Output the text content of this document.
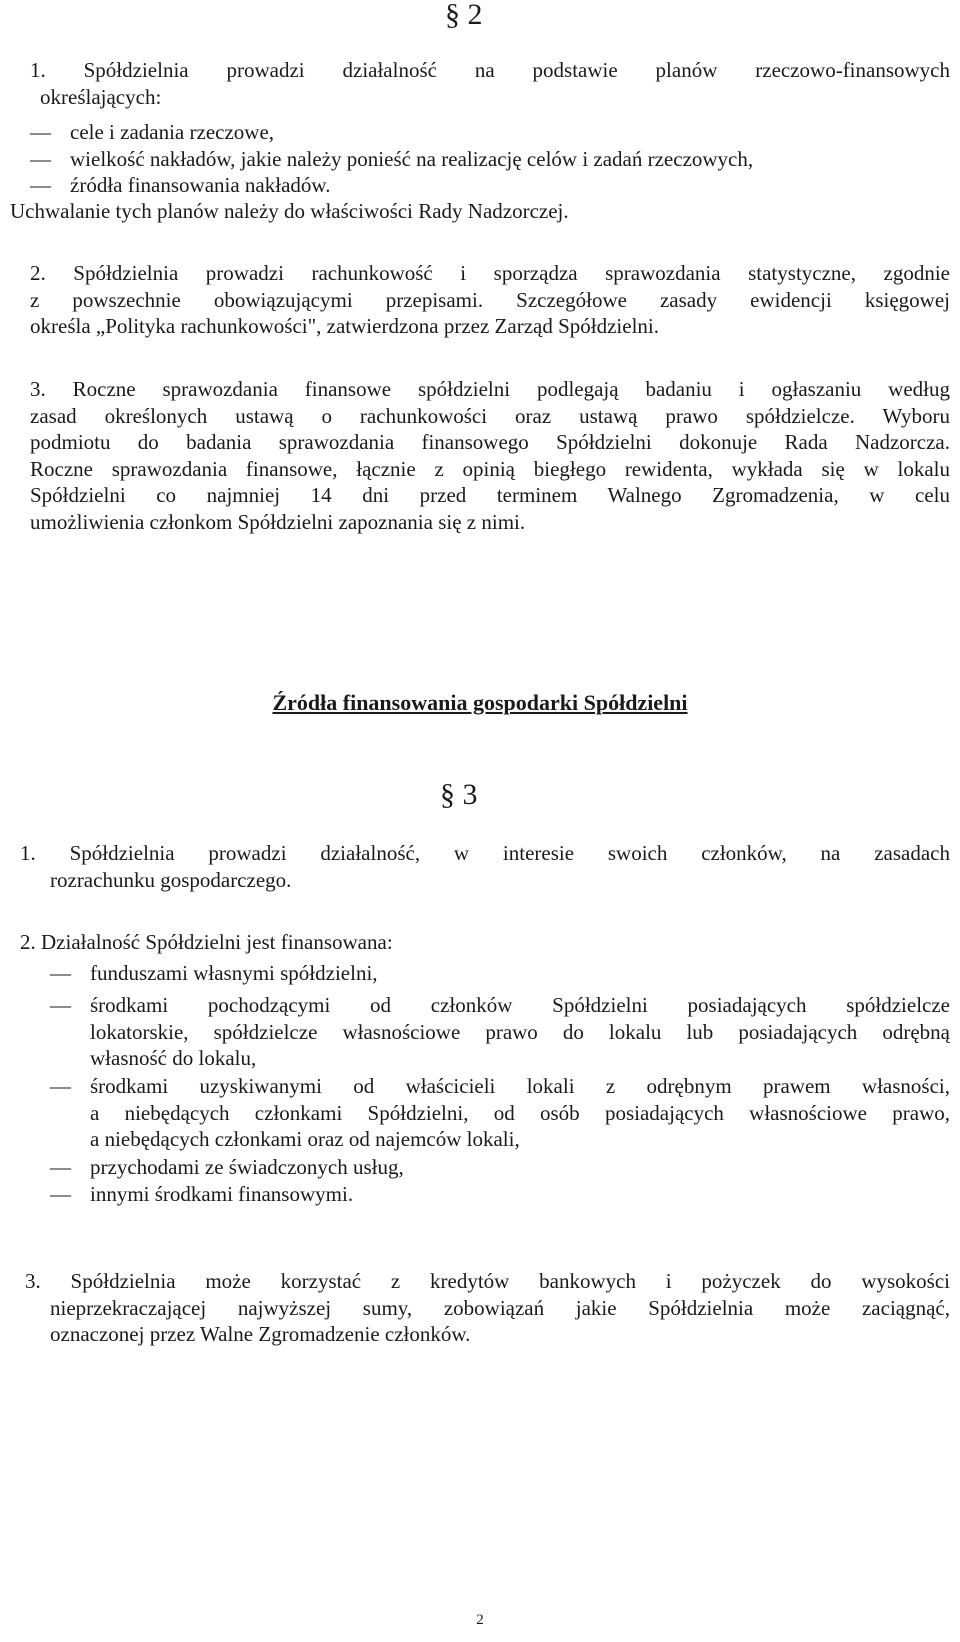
§ 2
1. Spółdzielnia prowadzi działalność na podstawie planów rzeczowo-finansowych
określających:
— cele i zadania rzeczowe,
— wielkość nakładów, jakie należy ponieść na realizację celów i zadań rzeczowych,
— źródła finansowania nakładów.
Uchwalanie tych planów należy do właściwości Rady Nadzorczej.
2. Spółdzielnia prowadzi rachunkowość i sporządza sprawozdania statystyczne, zgodnie
z powszechnie obowiązującymi przepisami. Szczegółowe zasady ewidencji księgowej
określa „Polityka rachunkowości", zatwierdzona przez Zarząd Spółdzielni.
3. Roczne sprawozdania finansowe spółdzielni podlegają badaniu i ogłaszaniu według
zasad określonych ustawą o rachunkowości oraz ustawą prawo spółdzielcze. Wyboru
podmiotu do badania sprawozdania finansowego Spółdzielni dokonuje Rada Nadzorcza.
Roczne sprawozdania finansowe, łącznie z opinią biegłego rewidenta, wykłada się w lokalu
Spółdzielni co najmniej 14 dni przed terminem Walnego Zgromadzenia, w celu
umożliwienia członkom Spółdzielni zapoznania się z nimi.
Źródła finansowania gospodarki Spółdzielni
§ 3
1. Spółdzielnia prowadzi działalność, w interesie swoich członków, na zasadach
rozrachunku gospodarczego.
2. Działalność Spółdzielni jest finansowana:
— funduszami własnymi spółdzielni,
— środkami pochodzącymi od członków Spółdzielni posiadających spółdzielcze
lokatorskie, spółdzielcze własnościowe prawo do lokalu lub posiadających odrębną
własność do lokalu,
— środkami uzyskiwanymi od właścicieli lokali z odrębnym prawem własności,
a niebędących członkami Spółdzielni, od osób posiadających własnościowe prawo,
a niebędących członkami oraz od najemców lokali,
— przychodami ze świadczonych usług,
— innymi środkami finansowymi.
3. Spółdzielnia może korzystać z kredytów bankowych i pożyczek do wysokości
nieprzekraczającej najwyższej sumy, zobowiązań jakie Spółdzielnia może zaciągnąć,
oznaczonej przez Walne Zgromadzenie członków.
2
